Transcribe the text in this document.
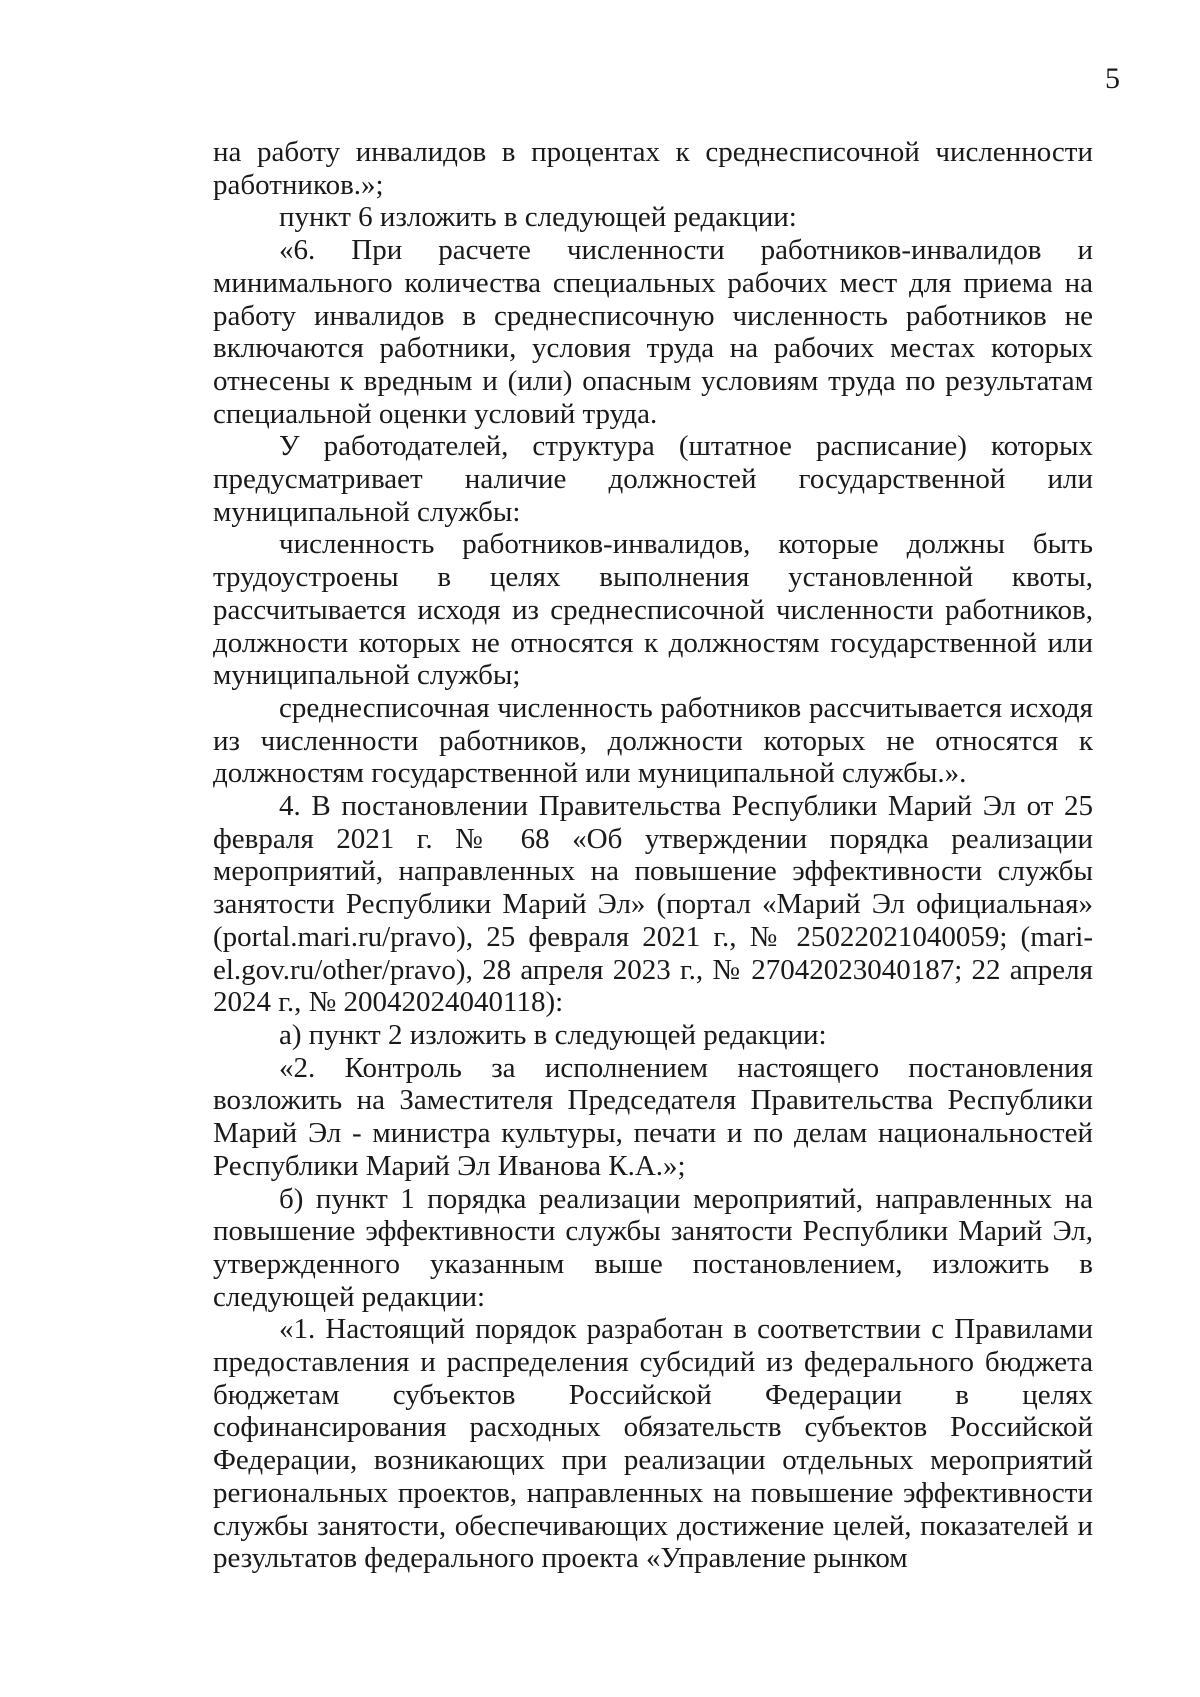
5

на работу инвалидов в процентах к среднесписочной численности работников.»;

пункт 6 изложить в следующей редакции:

«6. При расчете численности работников-инвалидов и минимального количества специальных рабочих мест для приема на работу инвалидов в среднесписочную численность работников не включаются работники, условия труда на рабочих местах которых отнесены к вредным и (или) опасным условиям труда по результатам специальной оценки условий труда.

У работодателей, структура (штатное расписание) которых предусматривает наличие должностей государственной или муниципальной службы:

численность работников-инвалидов, которые должны быть трудоустроены в целях выполнения установленной квоты, рассчитывается исходя из среднесписочной численности работников, должности которых не относятся к должностям государственной или муниципальной службы;

среднесписочная численность работников рассчитывается исходя из численности работников, должности которых не относятся к должностям государственной или муниципальной службы.».

4. В постановлении Правительства Республики Марий Эл от 25 февраля 2021 г. № 68 «Об утверждении порядка реализации мероприятий, направленных на повышение эффективности службы занятости Республики Марий Эл» (портал «Марий Эл официальная» (portal.mari.ru/pravo), 25 февраля 2021 г., № 25022021040059; (mari-el.gov.ru/other/pravo), 28 апреля 2023 г., № 27042023040187; 22 апреля 2024 г., № 20042024040118):

а) пункт 2 изложить в следующей редакции:

«2. Контроль за исполнением настоящего постановления возложить на Заместителя Председателя Правительства Республики Марий Эл - министра культуры, печати и по делам национальностей Республики Марий Эл Иванова К.А.»;

б) пункт 1 порядка реализации мероприятий, направленных на повышение эффективности службы занятости Республики Марий Эл, утвержденного указанным выше постановлением, изложить в следующей редакции:

«1. Настоящий порядок разработан в соответствии с Правилами предоставления и распределения субсидий из федерального бюджета бюджетам субъектов Российской Федерации в целях софинансирования расходных обязательств субъектов Российской Федерации, возникающих при реализации отдельных мероприятий региональных проектов, направленных на повышение эффективности службы занятости, обеспечивающих достижение целей, показателей и результатов федерального проекта «Управление рынком
